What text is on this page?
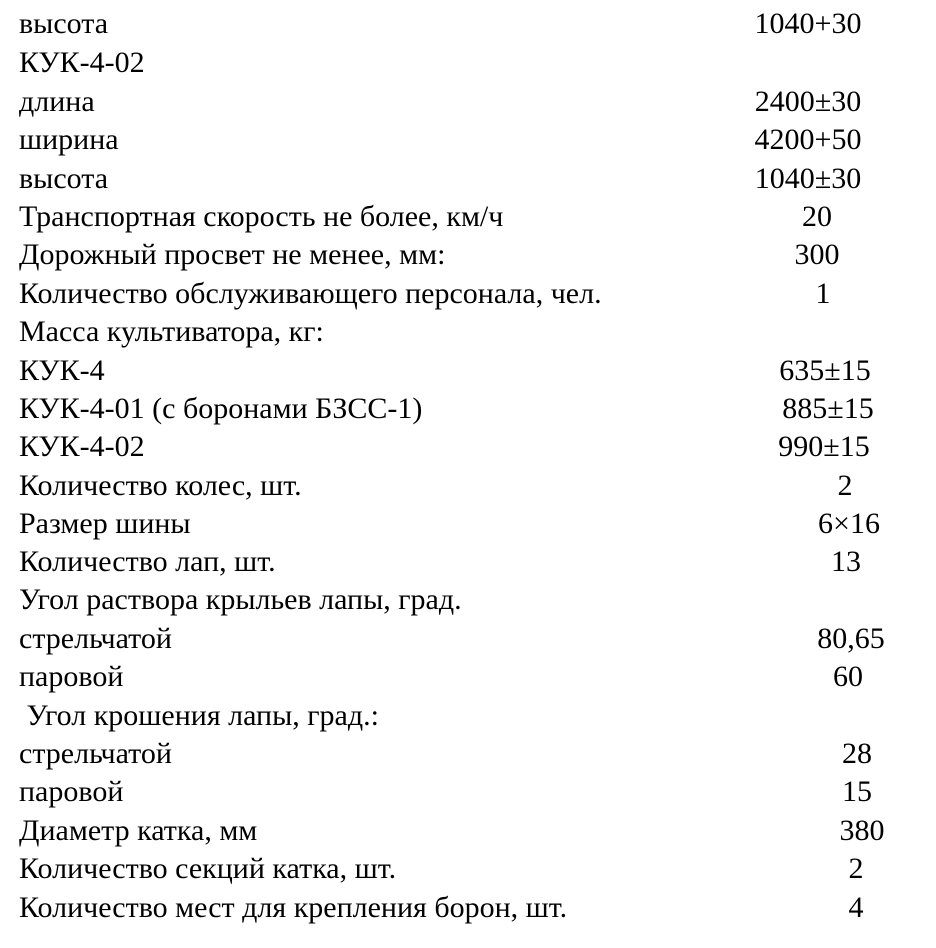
высота	1040+30
КУК-4-02
длина	2400±30
ширина	4200+50
высота	1040±30
Транспортная скорость не более, км/ч	20
Дорожный просвет не менее, мм:	300
Количество обслуживающего персонала, чел.	1
Масса культиватора, кг:
КУК-4	635±15
КУК-4-01 (с боронами БЗСС-1)	885±15
КУК-4-02	990±15
Количество колес, шт.	2
Размер шины	6×16
Количество лап, шт.	13
Угол раствора крыльев лапы, град.
стрельчатой	80,65
паровой	60
Угол крошения лапы, град.:
стрельчатой	28
паровой	15
Диаметр катка, мм	380
Количество секций катка, шт.	2
Количество мест для крепления борон, шт.	4
